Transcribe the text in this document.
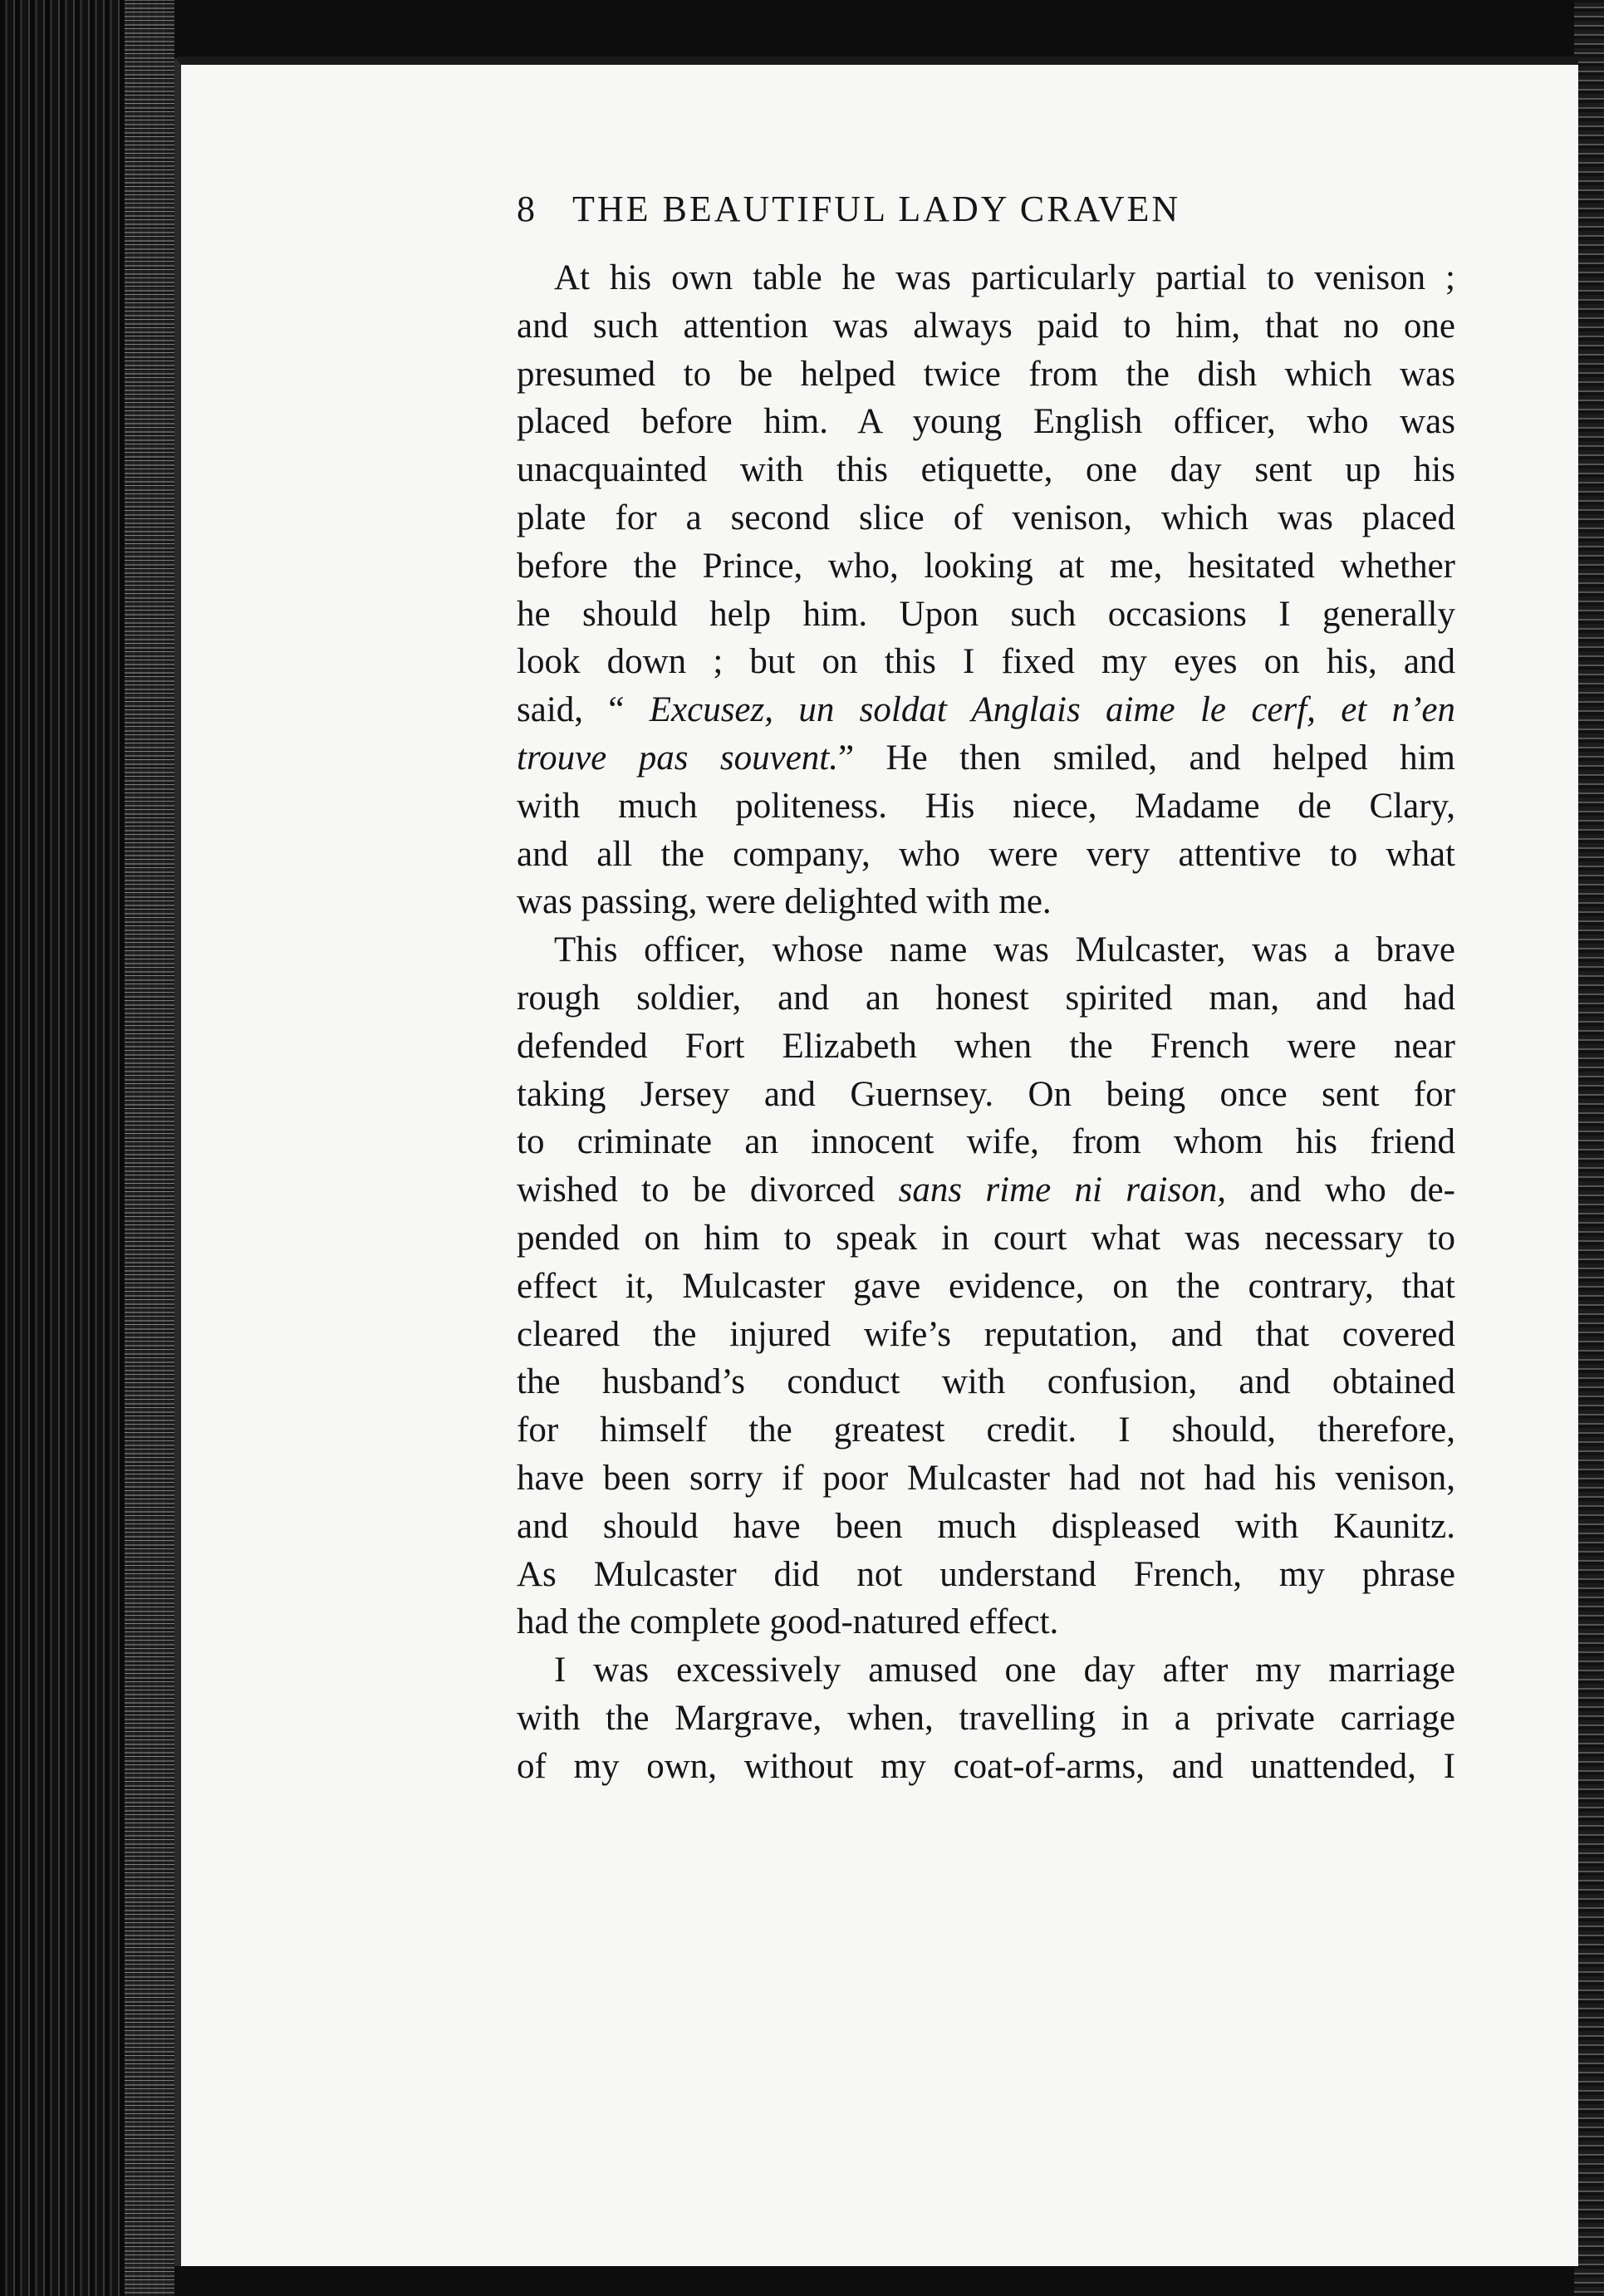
8 THE BEAUTIFUL LADY CRAVEN
At his own table he was particularly partial to venison ;
and such attention was always paid to him, that no one
presumed to be helped twice from the dish which was
placed before him. A young English officer, who was
unacquainted with this etiquette, one day sent up his
plate for a second slice of venison, which was placed
before the Prince, who, looking at me, hesitated whether
he should help him. Upon such occasions I generally
look down ; but on this I fixed my eyes on his, and
said, “ Excusez, un soldat Anglais aime le cerf, et n’en
trouve pas souvent.” He then smiled, and helped him
with much politeness. His niece, Madame de Clary,
and all the company, who were very attentive to what
was passing, were delighted with me.
This officer, whose name was Mulcaster, was a brave
rough soldier, and an honest spirited man, and had
defended Fort Elizabeth when the French were near
taking Jersey and Guernsey. On being once sent for
to criminate an innocent wife, from whom his friend
wished to be divorced sans rime ni raison, and who de-
pended on him to speak in court what was necessary to
effect it, Mulcaster gave evidence, on the contrary, that
cleared the injured wife’s reputation, and that covered
the husband’s conduct with confusion, and obtained
for himself the greatest credit. I should, therefore,
have been sorry if poor Mulcaster had not had his venison,
and should have been much displeased with Kaunitz.
As Mulcaster did not understand French, my phrase
had the complete good-natured effect.
I was excessively amused one day after my marriage
with the Margrave, when, travelling in a private carriage
of my own, without my coat-of-arms, and unattended, I
